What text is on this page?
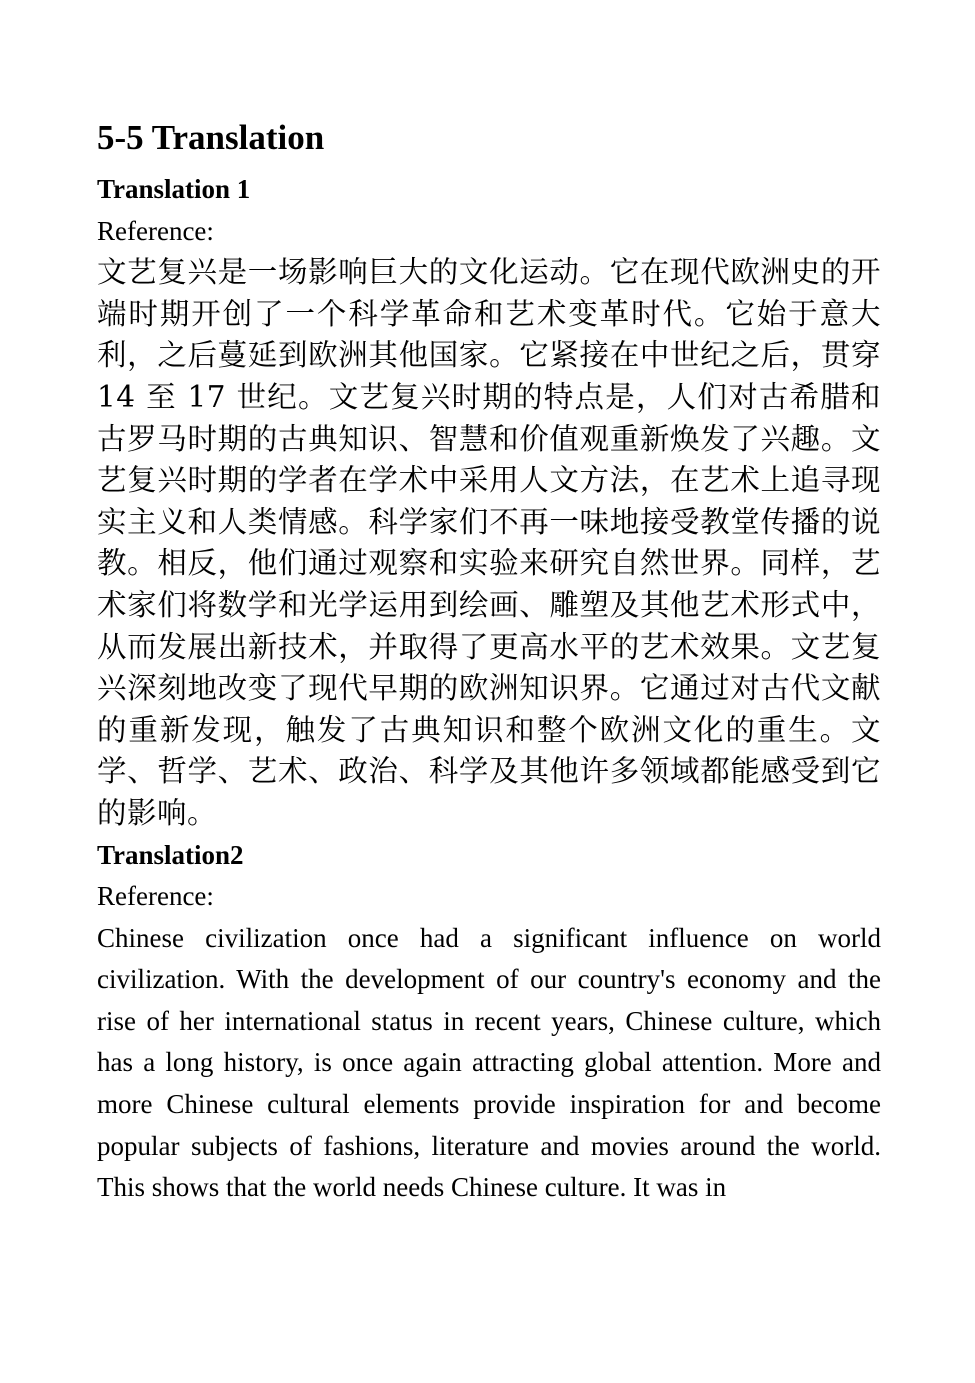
5-5 Translation
Translation 1

Reference:

文艺复兴是一场影响巨大的文化运动。它在现代欧洲史的开端时期开创了一个科学革命和艺术变革时代。它始于意大利，之后蔓延到欧洲其他国家。它紧接在中世纪之后，贯穿 14 至 17 世纪。文艺复兴时期的特点是，人们对古希腊和古罗马时期的古典知识、智慧和价值观重新焕发了兴趣。文艺复兴时期的学者在学术中采用人文方法，在艺术上追寻现实主义和人类情感。科学家们不再一味地接受教堂传播的说教。相反，他们通过观察和实验来研究自然世界。同样，艺术家们将数学和光学运用到绘画、雕塑及其他艺术形式中，从而发展出新技术，并取得了更高水平的艺术效果。文艺复兴深刻地改变了现代早期的欧洲知识界。它通过对古代文献的重新发现，触发了古典知识和整个欧洲文化的重生。文学、哲学、艺术、政治、科学及其他许多领域都能感受到它的影响。

Translation2

Reference:

Chinese civilization once had a significant influence on world civilization. With the development of our country's economy and the rise of her international status in recent years, Chinese culture, which has a long history, is once again attracting global attention. More and more Chinese cultural elements provide inspiration for and become popular subjects of fashions, literature and movies around the world. This shows that the world needs Chinese culture. It was in
